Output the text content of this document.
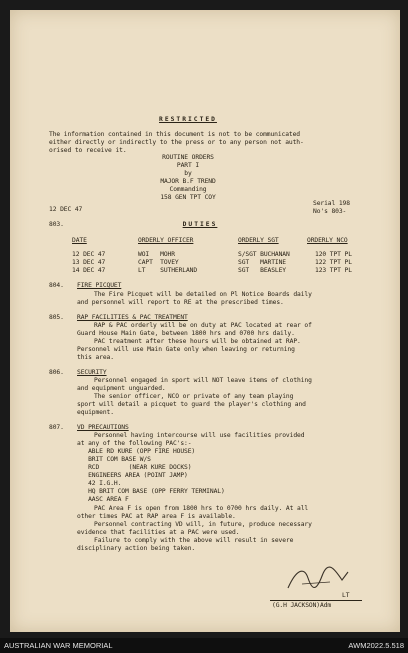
RESTRICTED
The information contained in this document is not to be communicated
either directly or indirectly to the press or to any person not auth-
orised to receive it.
ROUTINE ORDERS
PART I
by
MAJOR B.F TREND
Commanding
158 GEN TPT COY
12 DEC 47
Serial 198
No's 803-
803.	DUTIES
DATE	ORDERLY OFFICER	ORDERLY SGT	ORDERLY NCO
12 DEC 47	WOI   MOHR	S/SGT BUCHANAN	120 TPT PL
13 DEC 47	CAPT  TOVEY	SGT   MARTINE	122 TPT PL
14 DEC 47	LT    SUTHERLAND	SGT   BEASLEY	123 TPT PL
804. FIRE PICQUET
The Fire Picquet will be detailed on Pl Notice Boards daily
and personnel will report to RE at the prescribed times.
805. RAP FACILITIES & PAC TREATMENT
RAP & PAC orderly will be on duty at PAC located at rear of
Guard House Main Gate, between 1800 hrs and 0700 hrs daily.
PAC treatment after these hours will be obtained at RAP.
Personnel will use Main Gate only when leaving or returning
this area.
806. SECURITY
Personnel engaged in sport will NOT leave items of clothing
and equipment unguarded.
The senior officer, NCO or private of any team playing
sport will detail a picquet to guard the player's clothing and
equipment.
807. VD PRECAUTIONS
Personnel having intercourse will use facilities provided
at any of the following PAC's:-
ABLE RD KURE (OPP FIRE HOUSE)
BRIT COM BASE W/S
RCD        (NEAR KURE DOCKS)
ENGINEERS AREA (POINT JAMP)
42 I.G.H.
HQ BRIT COM BASE (OPP FERRY TERMINAL)
AASC AREA F
PAC Area F is open from 1800 hrs to 0700 hrs daily. At all
other times PAC at RAP area F is available.
Personnel contracting VD will, in future, produce necessary
evidence that facilities at a PAC were used.
Failure to comply with the above will result in severe
disciplinary action being taken.
LT
(G.H JACKSON)Adm
AUSTRALIAN WAR MEMORIAL	AWM2022.5.518
